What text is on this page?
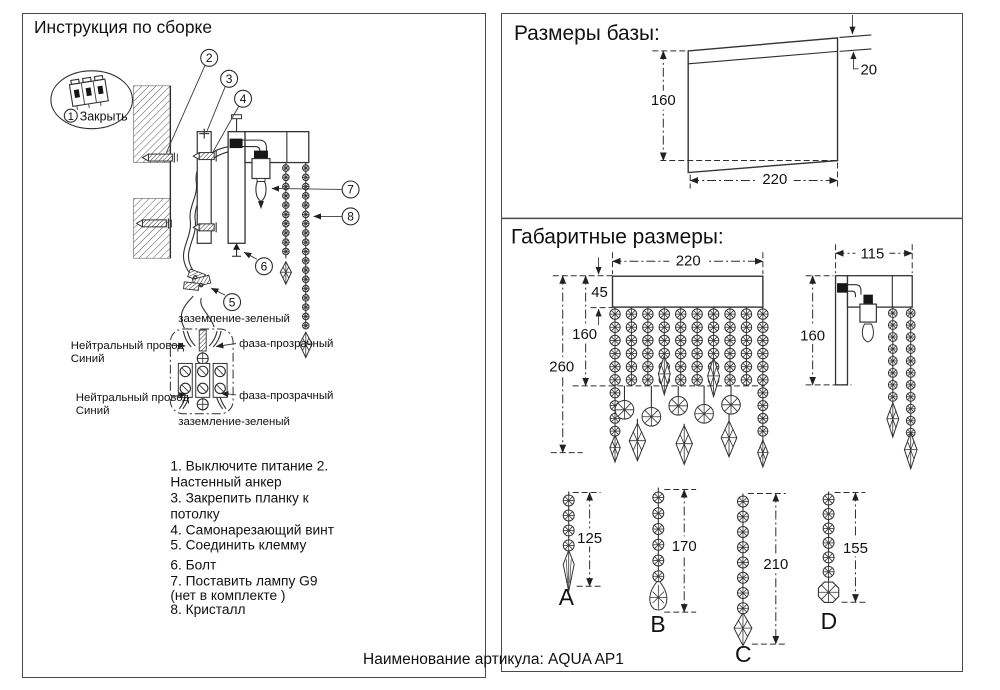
Инструкция по сборке
1 Закрыть
2
3
4
7
8
6
5
заземление-зеленый
Нейтральный провод
Синий
фаза-прозрачный
Нейтральный провод
Синий
фаза-прозрачный
заземление-зеленый
1. Выключите питание 2.
Настенный анкер
3. Закрепить планку к
потолку
4. Самонарезающий винт
5. Соединить клемму
6. Болт
7. Поставить лампу G9
(нет в комплекте )
8. Кристалл
Размеры базы:
160
220
20
Габаритные размеры:
220
45
160
260
115
160
125
A
170
B
210
C
155
D
Наименование артикула: AQUA AP1
